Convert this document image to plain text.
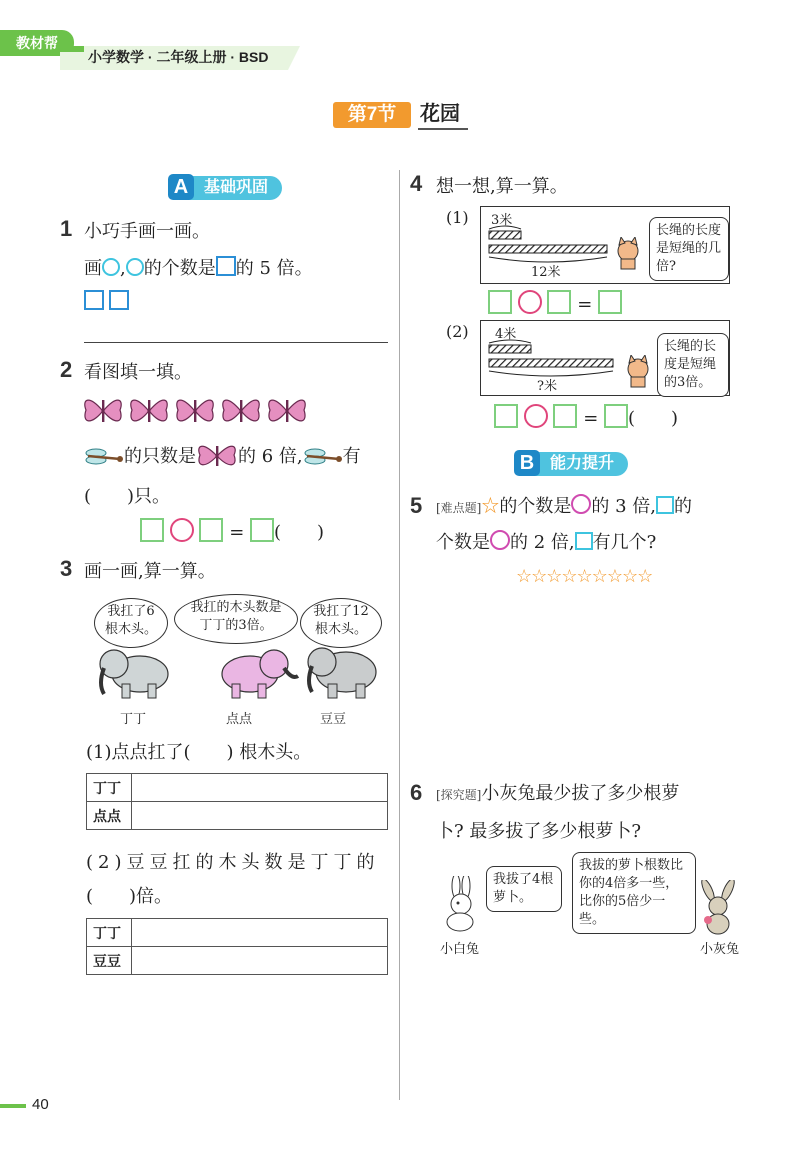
教材帮
小学数学 · 二年级上册 · BSD
第7节	花园
A 基础巩固
1 小巧手画一画。
画 , 的个数是 的 5 倍。

2 看图填一填。
的只数是 的 6 倍, 有
(　　)只。
= (　　)
3 画一画,算一算。
我扛了6根木头。
我扛的木头数是丁丁的3倍。
我扛了12根木头。
丁丁	点点	豆豆
(1)点点扛了(　　) 根木头。
丁丁	
点点	
(2)豆豆扛的木头数是丁丁的
(　　)倍。
丁丁	
豆豆	
4 想一想,算一算。
(1) 3米
12米
长绳的长度是短绳的几倍?
=
(2) 4米
?米
长绳的长度是短绳的3倍。
= (　　)
B 能力提升
5 [难点题]☆的个数是 的 3 倍, 的
个数是 的 2 倍, 有几个?
☆☆☆☆☆☆☆☆☆
6 [探究题]小灰兔最少拔了多少根萝
卜? 最多拔了多少根萝卜?
我拔了4根萝卜。
我拔的萝卜根数比你的4倍多一些，比你的5倍少一些。
小白兔	小灰兔
40
